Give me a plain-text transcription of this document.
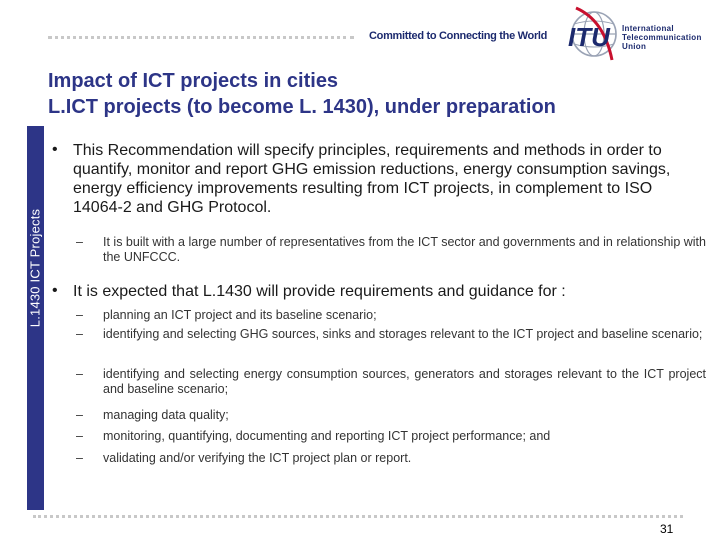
Committed to Connecting the World ITU International
Telecommunication
Union
L.1430 ICT Projects
Impact of ICT projects in cities
L.ICT projects (to become L. 1430), under preparation
• This Recommendation will specify principles, requirements and methods in order to quantify, monitor and report GHG emission reductions, energy consumption savings, energy efficiency improvements resulting from ICT projects, in complement to ISO 14064-2 and GHG Protocol.
– It is built with a large number of representatives from the ICT sector and governments and in relationship with the UNFCCC.
• It is expected that L.1430 will provide requirements and guidance for :
– planning an ICT project and its baseline scenario;
– identifying and selecting GHG sources, sinks and storages relevant to the ICT project and baseline scenario;
– identifying and selecting energy consumption sources, generators and storages relevant to the ICT project and baseline scenario;
– managing data quality;
– monitoring, quantifying, documenting and reporting ICT project performance; and
– validating and/or verifying the ICT project plan or report.
31
